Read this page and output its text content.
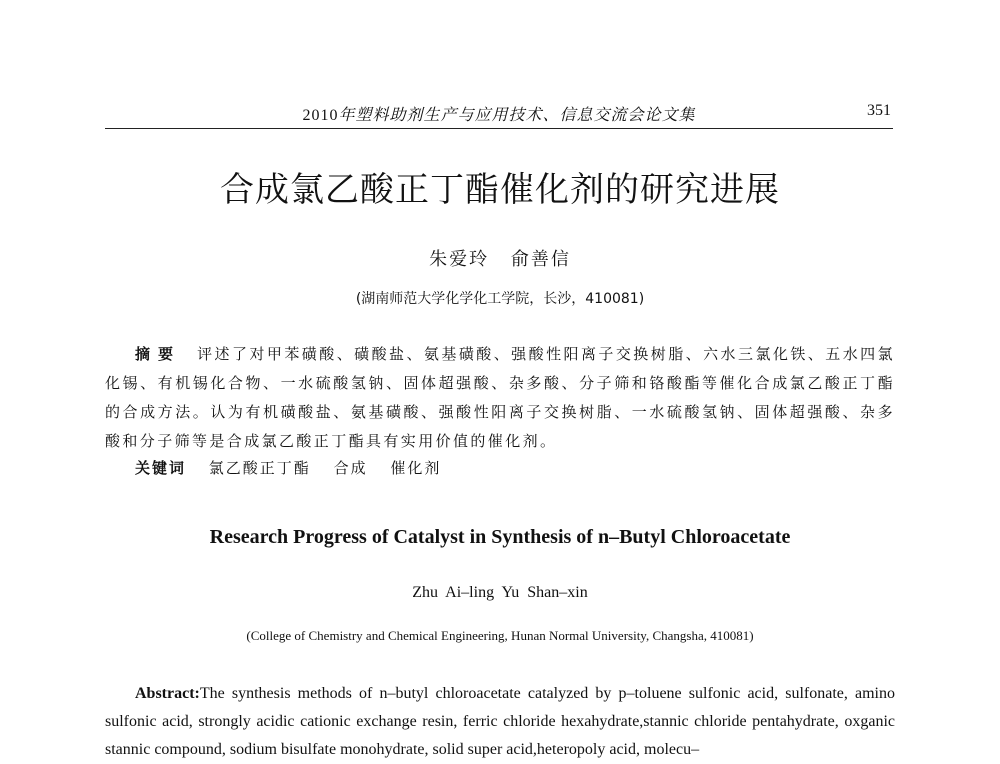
2010年塑料助剂生产与应用技术、信息交流会论文集	351
合成氯乙酸正丁酯催化剂的研究进展
朱爱玲 俞善信
(湖南师范大学化学化工学院，长沙，410081)
摘要 评述了对甲苯磺酸、磺酸盐、氨基磺酸、强酸性阳离子交换树脂、六水三氯化铁、五水四氯化锡、有机锡化合物、一水硫酸氢钠、固体超强酸、杂多酸、分子筛和铬酸酯等催化合成氯乙酸正丁酯的合成方法。认为有机磺酸盐、氨基磺酸、强酸性阳离子交换树脂、一水硫酸氢钠、固体超强酸、杂多酸和分子筛等是合成氯乙酸正丁酯具有实用价值的催化剂。
关键词 氯乙酸正丁酯 合成 催化剂
Research Progress of Catalyst in Synthesis of n–Butyl Chloroacetate
Zhu Ai–ling Yu Shan–xin
(College of Chemistry and Chemical Engineering, Hunan Normal University, Changsha, 410081)
Abstract:The synthesis methods of n–butyl chloroacetate catalyzed by p–toluene sulfonic acid, sulfonate, amino sulfonic acid, strongly acidic cationic exchange resin, ferric chloride hexahydrate,stannic chloride pentahydrate, oxganic stannic compound, sodium bisulfate monohydrate, solid super acid,heteropoly acid, molecu–
